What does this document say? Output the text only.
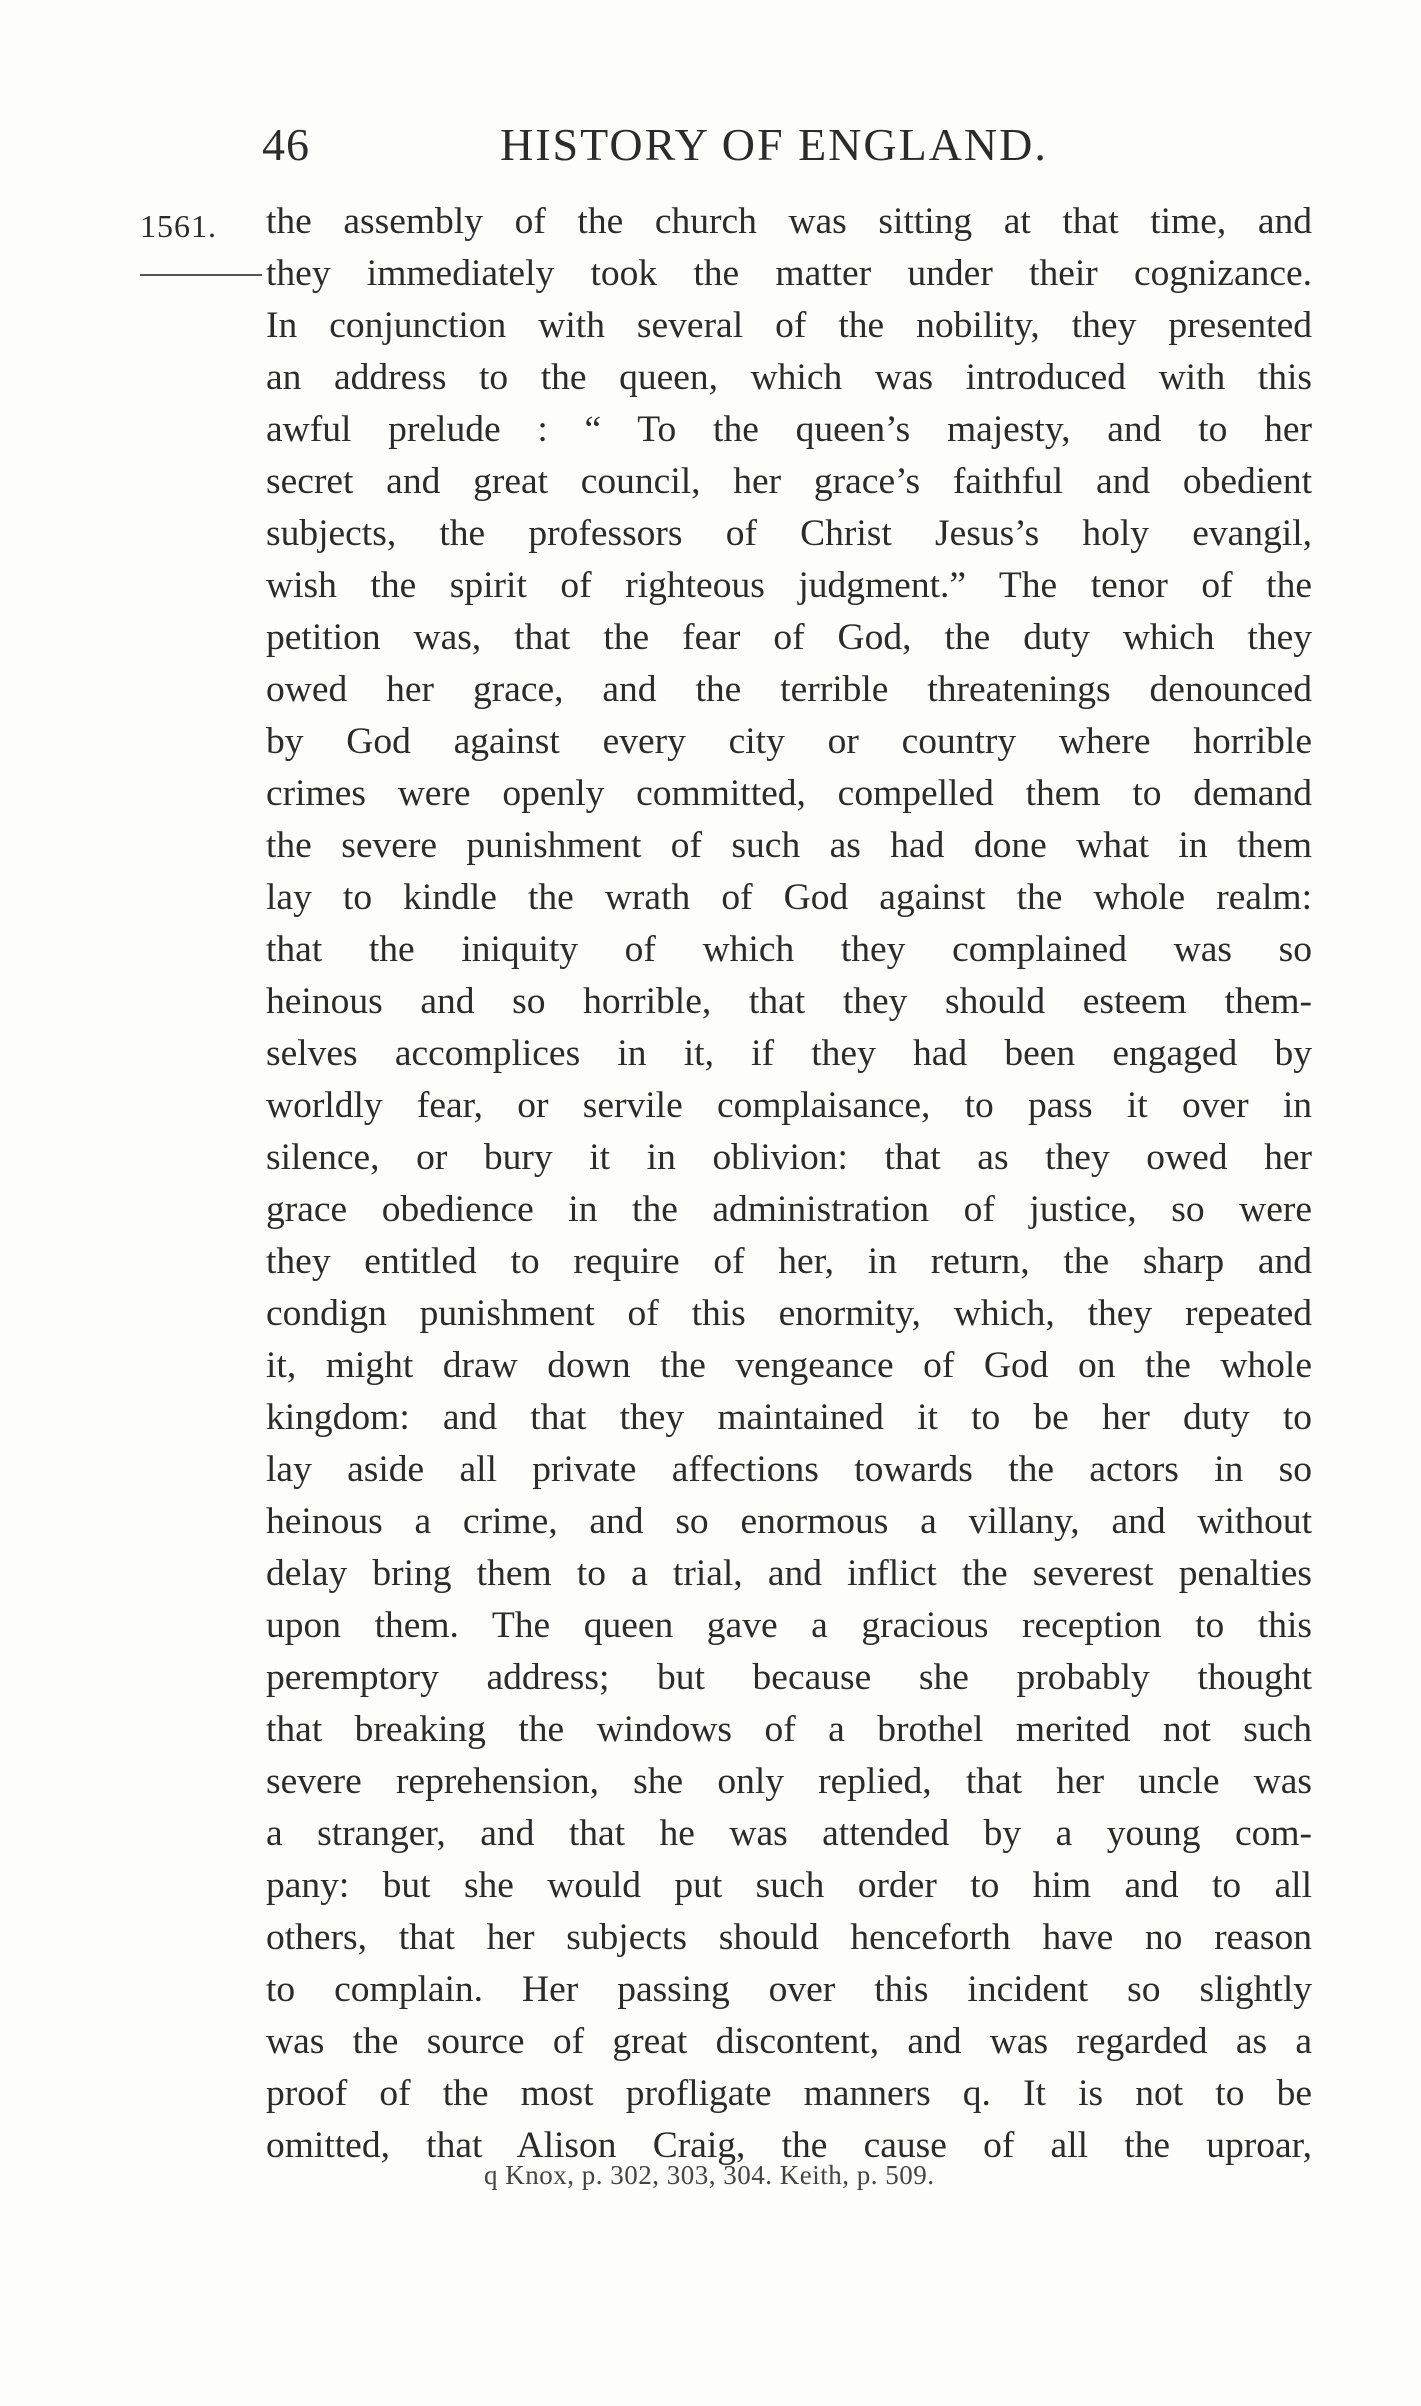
46	HISTORY OF ENGLAND.
1561. the assembly of the church was sitting at that time, and
they immediately took the matter under their cognizance.
In conjunction with several of the nobility, they presented
an address to the queen, which was introduced with this
awful prelude : “ To the queen’s majesty, and to her
secret and great council, her grace’s faithful and obedient
subjects, the professors of Christ Jesus’s holy evangil,
wish the spirit of righteous judgment.” The tenor of the
petition was, that the fear of God, the duty which they
owed her grace, and the terrible threatenings denounced
by God against every city or country where horrible
crimes were openly committed, compelled them to demand
the severe punishment of such as had done what in them
lay to kindle the wrath of God against the whole realm:
that the iniquity of which they complained was so
heinous and so horrible, that they should esteem them-
selves accomplices in it, if they had been engaged by
worldly fear, or servile complaisance, to pass it over in
silence, or bury it in oblivion: that as they owed her
grace obedience in the administration of justice, so were
they entitled to require of her, in return, the sharp and
condign punishment of this enormity, which, they repeated
it, might draw down the vengeance of God on the whole
kingdom: and that they maintained it to be her duty to
lay aside all private affections towards the actors in so
heinous a crime, and so enormous a villany, and without
delay bring them to a trial, and inflict the severest penalties
upon them. The queen gave a gracious reception to this
peremptory address; but because she probably thought
that breaking the windows of a brothel merited not such
severe reprehension, she only replied, that her uncle was
a stranger, and that he was attended by a young com-
pany: but she would put such order to him and to all
others, that her subjects should henceforth have no reason
to complain. Her passing over this incident so slightly
was the source of great discontent, and was regarded as a
proof of the most profligate manners q. It is not to be
omitted, that Alison Craig, the cause of all the uproar,
q Knox, p. 302, 303, 304. Keith, p. 509.
